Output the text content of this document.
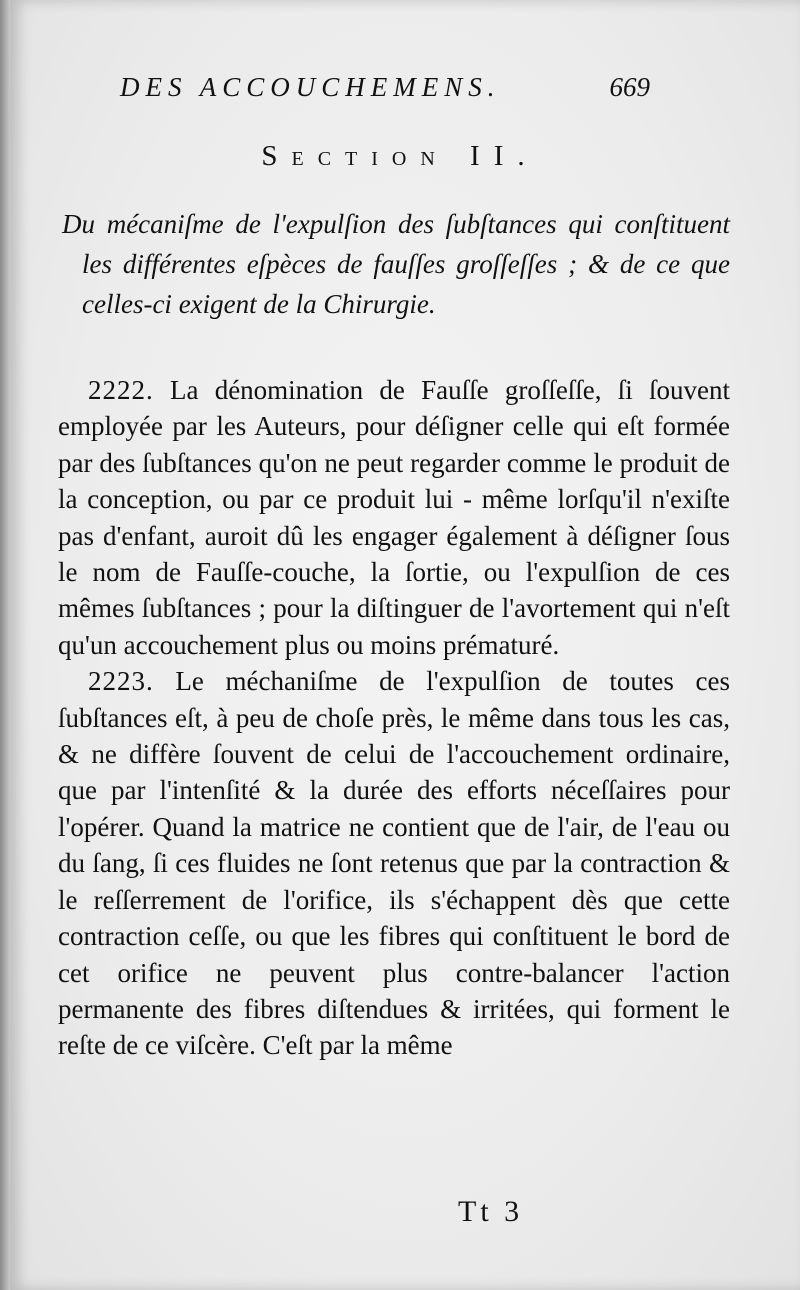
DES ACCOUCHEMENS.	669
Section II.
Du mécaniſme de l'expulſion des ſubſtances qui conſtituent les différentes eſpèces de fauſſes groſſeſſes ; & de ce que celles-ci exigent de la Chirurgie.

2222. La dénomination de Fauſſe groſſeſſe, ſi ſouvent employée par les Auteurs, pour déſigner celle qui eſt formée par des ſubſtances qu'on ne peut regarder comme le produit de la conception, ou par ce produit lui - même lorſqu'il n'exiſte pas d'enfant, auroit dû les engager également à déſigner ſous le nom de Fauſſe-couche, la ſortie, ou l'expulſion de ces mêmes ſubſtances ; pour la diſtinguer de l'avortement qui n'eſt qu'un accouchement plus ou moins prématuré.

2223. Le méchaniſme de l'expulſion de toutes ces ſubſtances eſt, à peu de choſe près, le même dans tous les cas, & ne diffère ſouvent de celui de l'accouchement ordinaire, que par l'intenſité & la durée des efforts néceſſaires pour l'opérer. Quand la matrice ne contient que de l'air, de l'eau ou du ſang, ſi ces fluides ne ſont retenus que par la contraction & le reſſerrement de l'orifice, ils s'échappent dès que cette contraction ceſſe, ou que les fibres qui conſtituent le bord de cet orifice ne peuvent plus contre-balancer l'action permanente des fibres diſtendues & irritées, qui forment le reſte de ce viſcère. C'eſt par la même

Tt 3
